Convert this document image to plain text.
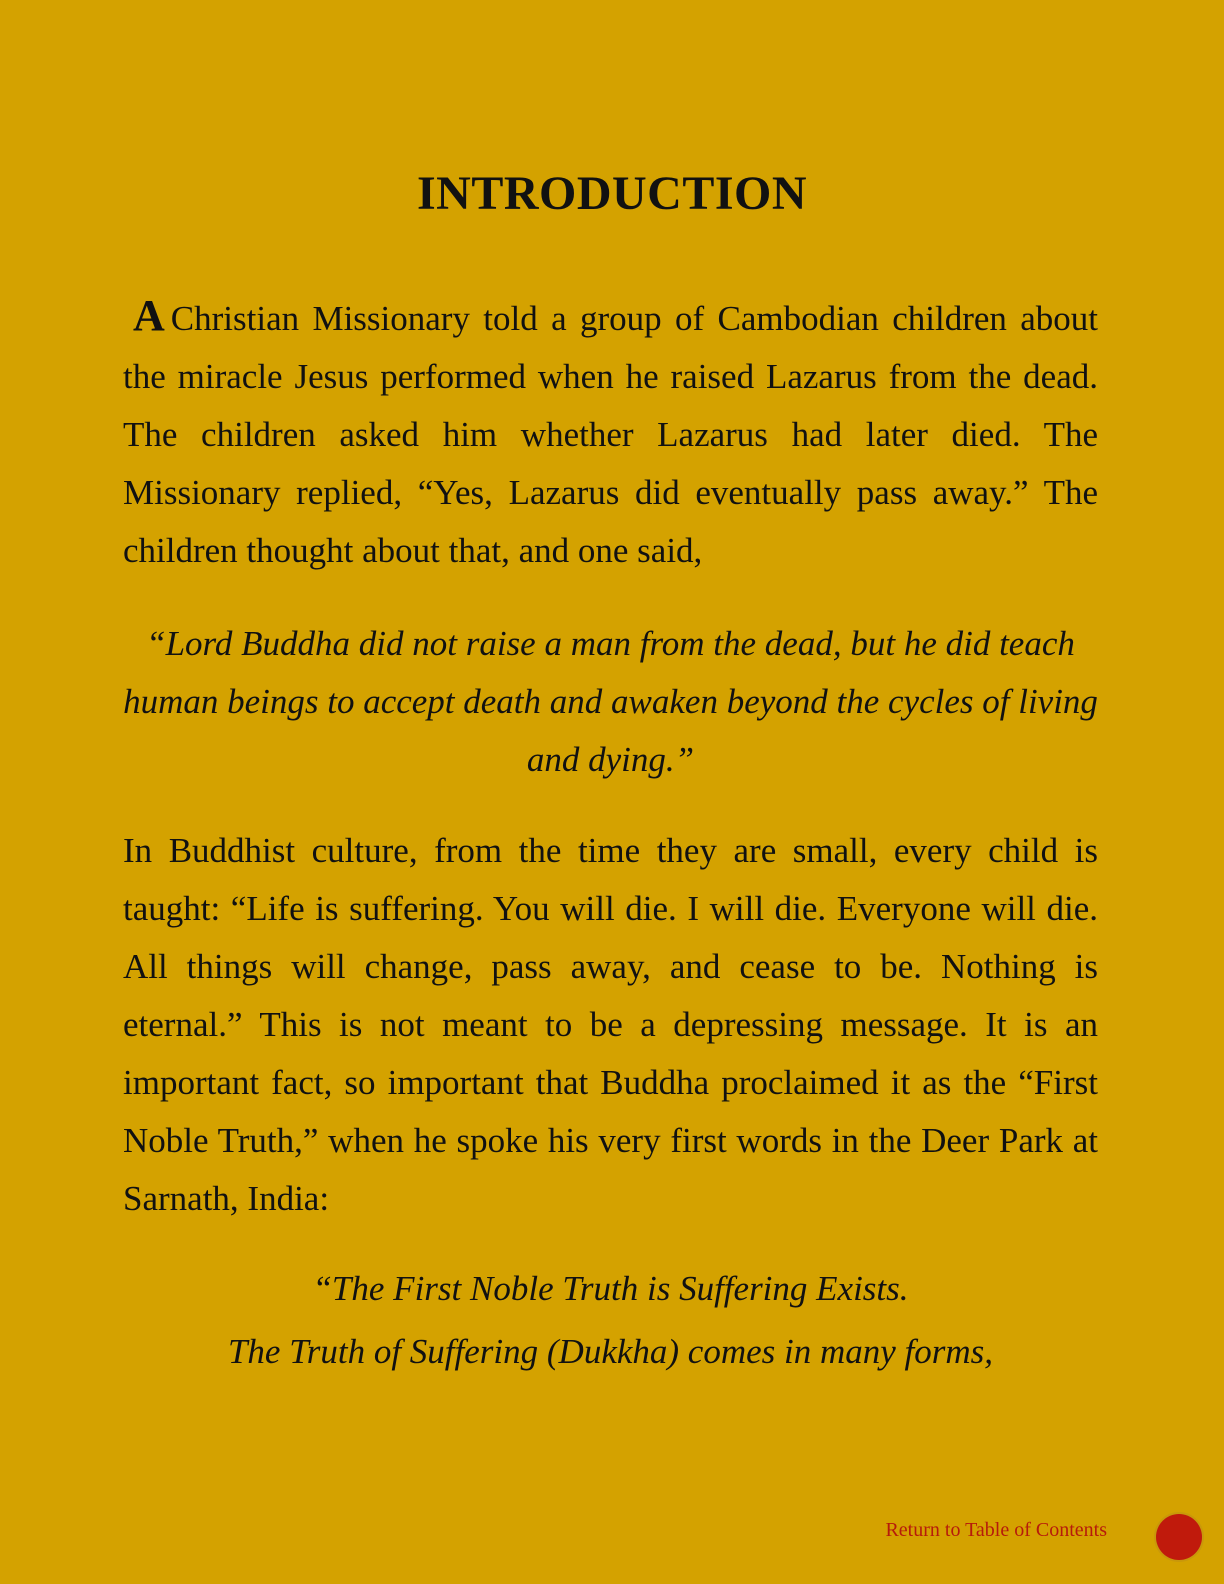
INTRODUCTION

A Christian Missionary told a group of Cambodian children about the miracle Jesus performed when he raised Lazarus from the dead. The children asked him whether Lazarus had later died. The Missionary replied, “Yes, Lazarus did eventually pass away.” The children thought about that, and one said,

“Lord Buddha did not raise a man from the dead, but he did teach human beings to accept death and awaken beyond the cycles of living and dying.”

In Buddhist culture, from the time they are small, every child is taught: “Life is suffering. You will die. I will die. Everyone will die. All things will change, pass away, and cease to be. Nothing is eternal.” This is not meant to be a depressing message. It is an important fact, so important that Buddha proclaimed it as the “First Noble Truth,” when he spoke his very first words in the Deer Park at Sarnath, India:

“The First Noble Truth is Suffering Exists.
The Truth of Suffering (Dukkha) comes in many forms,
Return to Table of Contents
